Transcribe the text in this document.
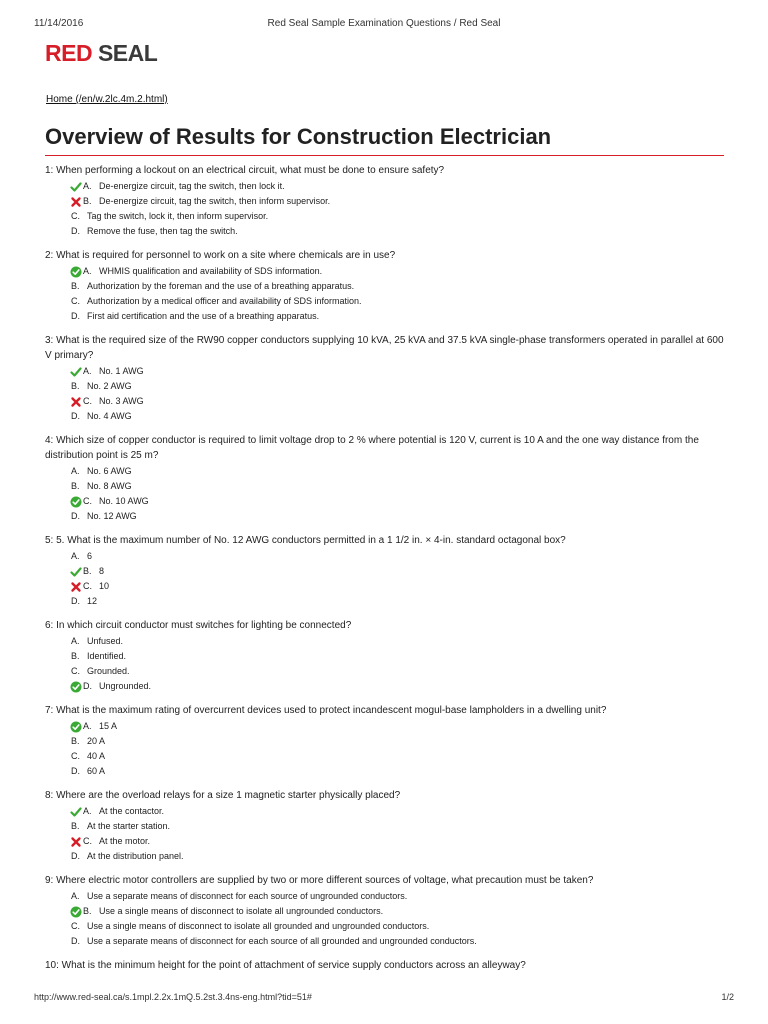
11/14/2016	Red Seal Sample Examination Questions / Red Seal
RED SEAL
Home (/en/w.2lc.4m.2.html)
Overview of Results for Construction Electrician
1: When performing a lockout on an electrical circuit, what must be done to ensure safety?
A. De-energize circuit, tag the switch, then lock it.
B. De-energize circuit, tag the switch, then inform supervisor.
C. Tag the switch, lock it, then inform supervisor.
D. Remove the fuse, then tag the switch.
2: What is required for personnel to work on a site where chemicals are in use?
A. WHMIS qualification and availability of SDS information.
B. Authorization by the foreman and the use of a breathing apparatus.
C. Authorization by a medical officer and availability of SDS information.
D. First aid certification and the use of a breathing apparatus.
3: What is the required size of the RW90 copper conductors supplying 10 kVA, 25 kVA and 37.5 kVA single-phase transformers operated in parallel at 600 V primary?
A. No. 1 AWG
B. No. 2 AWG
C. No. 3 AWG
D. No. 4 AWG
4: Which size of copper conductor is required to limit voltage drop to 2 % where potential is 120 V, current is 10 A and the one way distance from the distribution point is 25 m?
A. No. 6 AWG
B. No. 8 AWG
C. No. 10 AWG
D. No. 12 AWG
5: 5. What is the maximum number of No. 12 AWG conductors permitted in a 1 1/2 in. × 4-in. standard octagonal box?
A. 6
B. 8
C. 10
D. 12
6: In which circuit conductor must switches for lighting be connected?
A. Unfused.
B. Identified.
C. Grounded.
D. Ungrounded.
7: What is the maximum rating of overcurrent devices used to protect incandescent mogul-base lampholders in a dwelling unit?
A. 15 A
B. 20 A
C. 40 A
D. 60 A
8: Where are the overload relays for a size 1 magnetic starter physically placed?
A. At the contactor.
B. At the starter station.
C. At the motor.
D. At the distribution panel.
9: Where electric motor controllers are supplied by two or more different sources of voltage, what precaution must be taken?
A. Use a separate means of disconnect for each source of ungrounded conductors.
B. Use a single means of disconnect to isolate all ungrounded conductors.
C. Use a single means of disconnect to isolate all grounded and ungrounded conductors.
D. Use a separate means of disconnect for each source of all grounded and ungrounded conductors.
10: What is the minimum height for the point of attachment of service supply conductors across an alleyway?
http://www.red-seal.ca/s.1mpl.2.2x.1mQ.5.2st.3.4ns-eng.html?tid=51#	1/2
